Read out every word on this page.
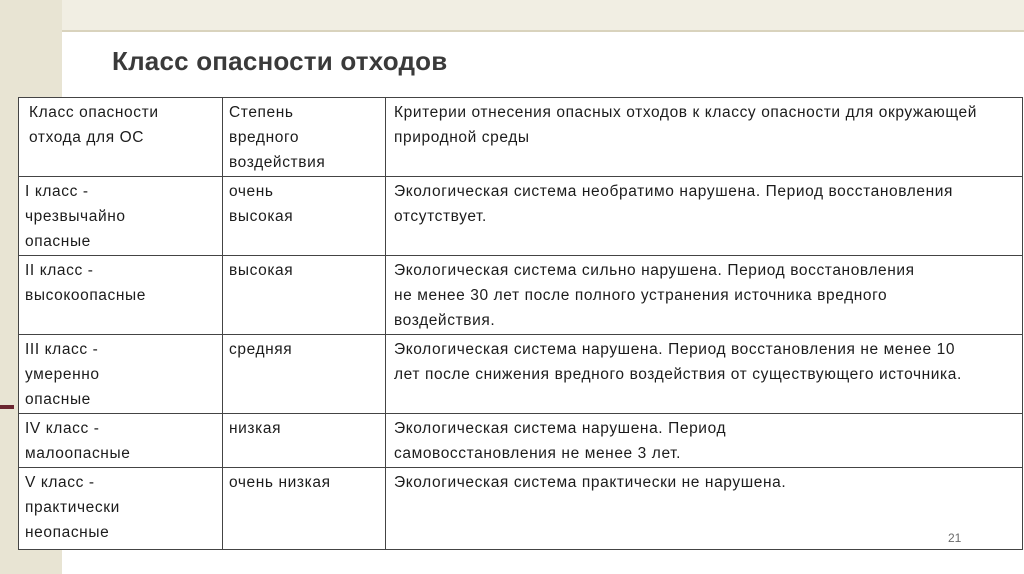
Класс опасности отходов
Класс опасности отхода для ОС	Степень вредного воздействия	Критерии отнесения опасных отходов к классу опасности для окружающей природной среды

I класс - чрезвычайно опасные	очень высокая	Экологическая система необратимо нарушена. Период восстановления отсутствует.

II класс - высокоопасные	высокая	Экологическая система сильно нарушена. Период восстановления не менее 30 лет после полного устранения источника вредного воздействия.

III класс - умеренно опасные	средняя	Экологическая система нарушена. Период восстановления не менее 10 лет после снижения вредного воздействия от существующего источника.

IV класс - малоопасные	низкая	Экологическая система нарушена. Период самовосстановления не менее 3 лет.

V класс - практически неопасные	очень низкая	Экологическая система практически не нарушена.
21
